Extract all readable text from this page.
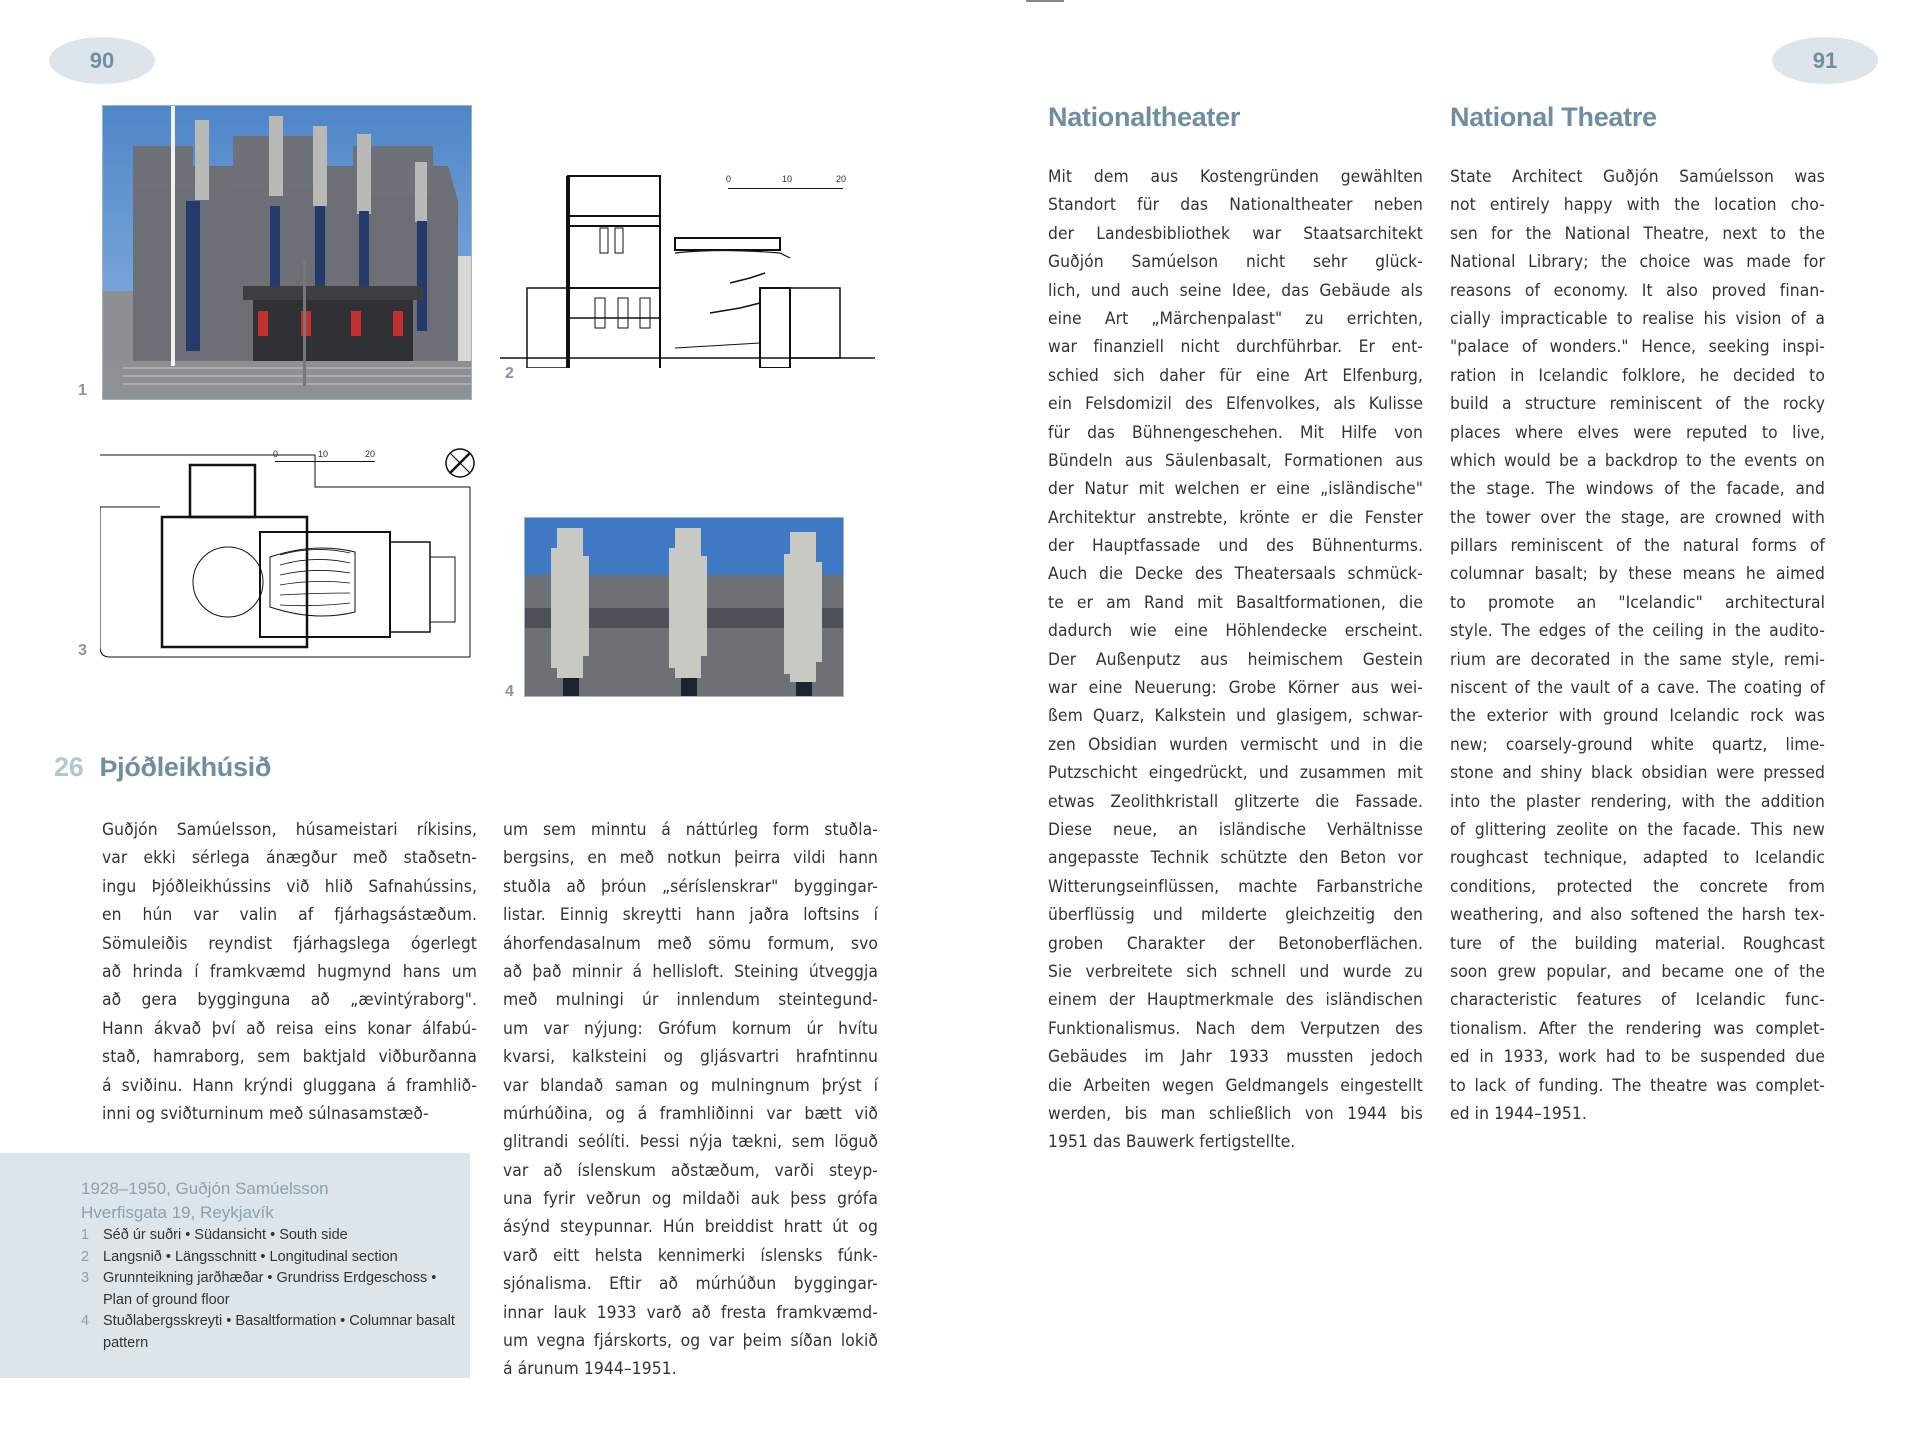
90	91
1
0	10	20
2
0	10	20
3
4
26 Þjóðleikhúsið
Guðjón Samúelsson, húsameistari ríkisins,
var ekki sérlega ánægður með staðsetn-
ingu Þjóðleikhússins við hlið Safnahússins,
en hún var valin af fjárhagsástæðum.
Sömuleiðis reyndist fjárhagslega ógerlegt
að hrinda í framkvæmd hugmynd hans um
að gera bygginguna að „ævintýraborg".
Hann ákvað því að reisa eins konar álfabú-
stað, hamraborg, sem baktjald viðburðanna
á sviðinu. Hann krýndi gluggana á framhlið-
inni og sviðturninum með súlnasamstæð-
um sem minntu á náttúrleg form stuðla-
bergsins, en með notkun þeirra vildi hann
stuðla að þróun „séríslenskrar" byggingar-
listar. Einnig skreytti hann jaðra loftsins í
áhorfendasalnum með sömu formum, svo
að það minnir á hellisloft. Steining útveggja
með mulningi úr innlendum steintegund-
um var nýjung: Grófum kornum úr hvítu
kvarsi, kalksteini og gljásvartri hrafntinnu
var blandað saman og mulningnum þrýst í
múrhúðina, og á framhliðinni var bætt við
glitrandi seólíti. Þessi nýja tækni, sem löguð
var að íslenskum aðstæðum, varði steyp-
una fyrir veðrun og mildaði auk þess grófa
ásýnd steypunnar. Hún breiddist hratt út og
varð eitt helsta kennimerki íslensks fúnk-
sjónalisma. Eftir að múrhúðun byggingar-
innar lauk 1933 varð að fresta framkvæmd-
um vegna fjárskorts, og var þeim síðan lokið
á árunum 1944–1951.
Nationaltheater
Mit dem aus Kostengründen gewählten
Standort für das Nationaltheater neben
der Landesbibliothek war Staatsarchitekt
Guðjón Samúelson nicht sehr glück-
lich, und auch seine Idee, das Gebäude als
eine Art „Märchenpalast" zu errichten,
war finanziell nicht durchführbar. Er ent-
schied sich daher für eine Art Elfenburg,
ein Felsdomizil des Elfenvolkes, als Kulisse
für das Bühnengeschehen. Mit Hilfe von
Bündeln aus Säulenbasalt, Formationen aus
der Natur mit welchen er eine „isländische"
Architektur anstrebte, krönte er die Fenster
der Hauptfassade und des Bühnenturms.
Auch die Decke des Theatersaals schmück-
te er am Rand mit Basaltformationen, die
dadurch wie eine Höhlendecke erscheint.
Der Außenputz aus heimischem Gestein
war eine Neuerung: Grobe Körner aus wei-
ßem Quarz, Kalkstein und glasigem, schwar-
zen Obsidian wurden vermischt und in die
Putzschicht eingedrückt, und zusammen mit
etwas Zeolithkristall glitzerte die Fassade.
Diese neue, an isländische Verhältnisse
angepasste Technik schützte den Beton vor
Witterungseinflüssen, machte Farbanstriche
überflüssig und milderte gleichzeitig den
groben Charakter der Betonoberflächen.
Sie verbreitete sich schnell und wurde zu
einem der Hauptmerkmale des isländischen
Funktionalismus. Nach dem Verputzen des
Gebäudes im Jahr 1933 mussten jedoch
die Arbeiten wegen Geldmangels eingestellt
werden, bis man schließlich von 1944 bis
1951 das Bauwerk fertigstellte.
National Theatre
State Architect Guðjón Samúelsson was
not entirely happy with the location cho-
sen for the National Theatre, next to the
National Library; the choice was made for
reasons of economy. It also proved finan-
cially impracticable to realise his vision of a
"palace of wonders." Hence, seeking inspi-
ration in Icelandic folklore, he decided to
build a structure reminiscent of the rocky
places where elves were reputed to live,
which would be a backdrop to the events on
the stage. The windows of the facade, and
the tower over the stage, are crowned with
pillars reminiscent of the natural forms of
columnar basalt; by these means he aimed
to promote an "Icelandic" architectural
style. The edges of the ceiling in the audito-
rium are decorated in the same style, remi-
niscent of the vault of a cave. The coating of
the exterior with ground Icelandic rock was
new; coarsely-ground white quartz, lime-
stone and shiny black obsidian were pressed
into the plaster rendering, with the addition
of glittering zeolite on the facade. This new
roughcast technique, adapted to Icelandic
conditions, protected the concrete from
weathering, and also softened the harsh tex-
ture of the building material. Roughcast
soon grew popular, and became one of the
characteristic features of Icelandic func-
tionalism. After the rendering was complet-
ed in 1933, work had to be suspended due
to lack of funding. The theatre was complet-
ed in 1944–1951.
1928–1950, Guðjón Samúelsson
Hverfisgata 19, Reykjavík
1 Séð úr suðri • Südansicht • South side
2 Langsnið • Längsschnitt • Longitudinal section
3 Grunnteikning jarðhæðar • Grundriss Erdgeschoss • Plan of ground floor
4 Stuðlabergsskreyti • Basaltformation • Columnar basalt pattern
